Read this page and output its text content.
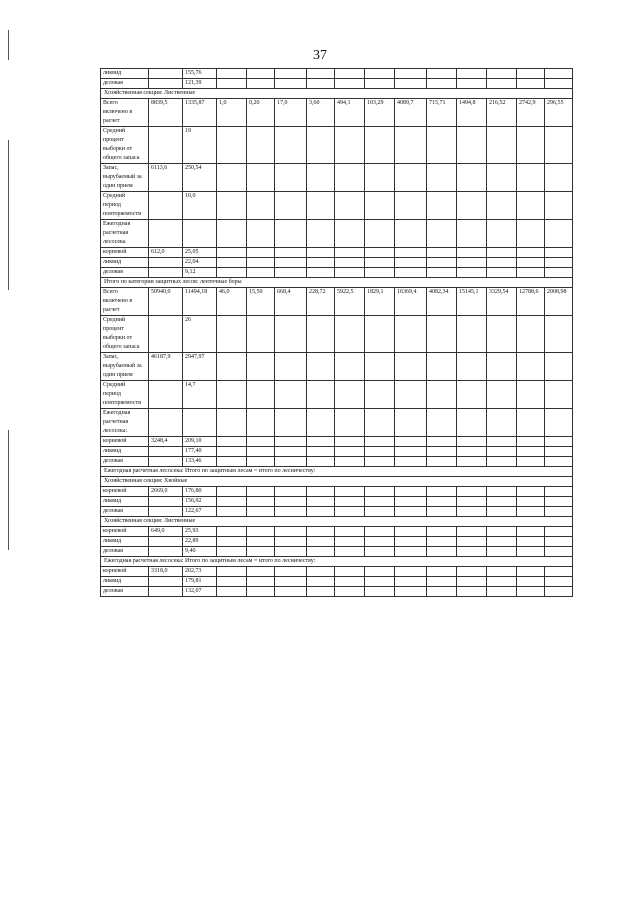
37
ликвид		155,76												

деловая		121,39												
Хозяйственная секция: Лиственные														

Всего
включено в
расчет	8839,5	1335,87	1,0	0,20	17,0	3,60	494,1	103,29	4089,7	715,71	1494,8	216,52	2742,9	296,55

Средний
процент
выборки от
общего запаса		19												

Запас,
вырубаемый за
один прием	6113,6	250,54												

Средний
период
повторяемости		10,0												

Ежегодная
расчетная
лесосека														

корневой	612,0	25,05												

ликвид		22,04												

деловая		9,12												
Итого по категории защитных лесов: ленточные боры														

Всего
включено в
расчет	50940,0	11494,18	46,0	15,50	668,4	228,72	5922,5	1829,1	16369,4	4082,34	15145,1	3329,54	12788,6	2008,98

Средний
процент
выборки от
общего запаса		26												

Запас,
вырубаемый за
один прием	46187,9	2947,97												

Средний
период
повторяемости		14,7												

Ежегодная
расчетная
лесосека:														

корневой	3248,4	209,10												

ликвид		177,40												

деловая		133,46												
Ежегодная расчетная лесосека: Итого по защитным лесам = итого по лесничеству:														
Хозяйственная секция: Хвойные														

корневой	2669,0	176,80												

ликвид		156,92												

деловая		122,67												
Хозяйственная секция: Лиственные														

корневой	649,0	25,93												

ликвид		22,89												

деловая		9,40												
Ежегодная расчетная лесосека: Итого по защитным лесам = итого по лесничеству:														

корневой	3318,0	202,73												

ликвид		179,81												

деловая		132,07												
